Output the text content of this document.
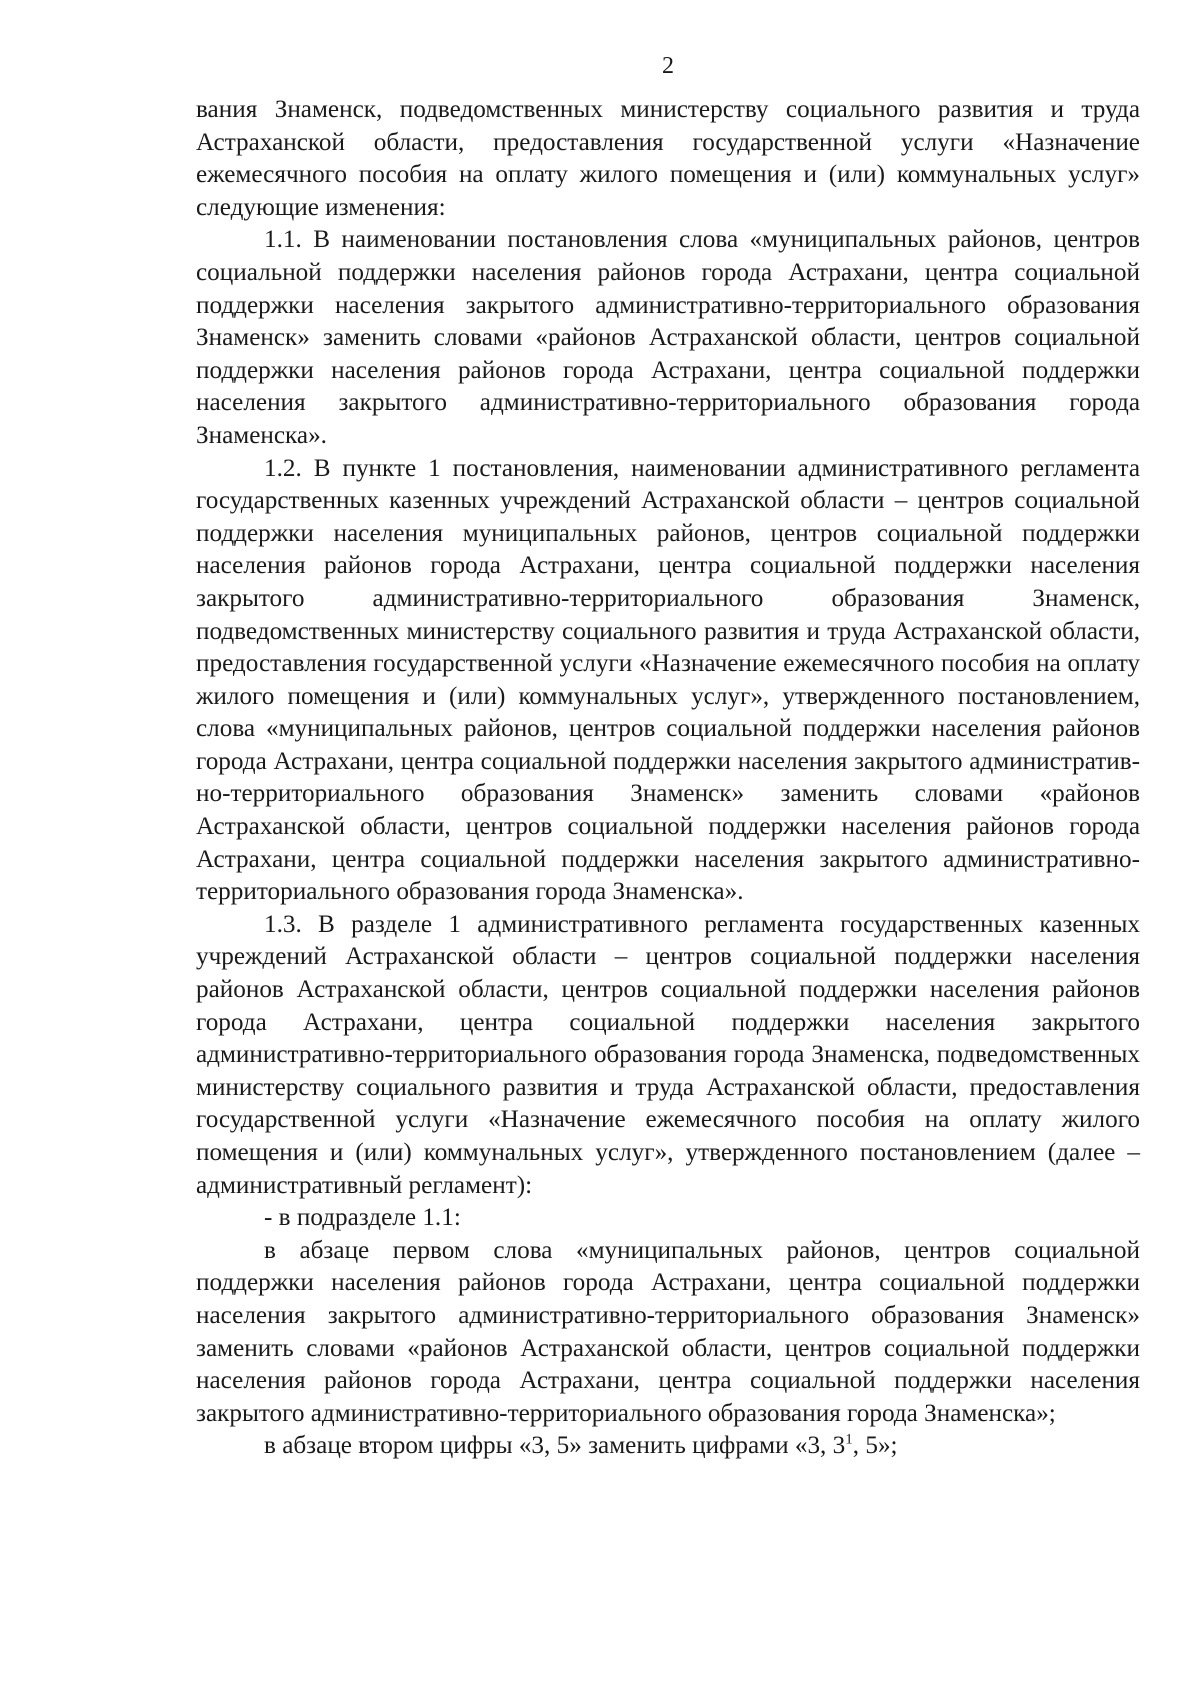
2

вания Знаменск, подведомственных министерству социального развития и труда Астраханской области, предоставления государственной услуги «Назначение ежемесячного пособия на оплату жилого помещения и (или) коммунальных услуг» следующие изменения:

1.1. В наименовании постановления слова «муниципальных районов, центров социальной поддержки населения районов города Астрахани, центра социальной поддержки населения закрытого административно-территориального образования Знаменск» заменить словами «районов Астраханской области, центров социальной поддержки населения районов города Астрахани, центра социальной поддержки населения закрытого административно-территориального образования города Знаменска».

1.2. В пункте 1 постановления, наименовании административного регламента государственных казенных учреждений Астраханской области – центров социальной поддержки населения муниципальных районов, центров социальной поддержки населения районов города Астрахани, центра социальной поддержки населения закрытого административно-территориального образования Знаменск, подведомственных министерству социального развития и труда Астраханской области, предоставления государственной услуги «Назначение ежемесячного пособия на оплату жилого помещения и (или) коммунальных услуг», утвержденного постановлением, слова «муниципальных районов, центров социальной поддержки населения районов города Астрахани, центра социальной поддержки населения закрытого административно-территориального образования Знаменск» заменить словами «районов Астраханской области, центров социальной поддержки населения районов города Астрахани, центра социальной поддержки населения закрытого административно-территориального образования города Знаменска».

1.3. В разделе 1 административного регламента государственных казенных учреждений Астраханской области – центров социальной поддержки населения районов Астраханской области, центров социальной поддержки населения районов города Астрахани, центра социальной поддержки населения закрытого административно-территориального образования города Знаменска, подведомственных министерству социального развития и труда Астраханской области, предоставления государственной услуги «Назначение ежемесячного пособия на оплату жилого помещения и (или) коммунальных услуг», утвержденного постановлением (далее – административный регламент):

- в подразделе 1.1:

в абзаце первом слова «муниципальных районов, центров социальной поддержки населения районов города Астрахани, центра социальной поддержки населения закрытого административно-территориального образования Знаменск» заменить словами «районов Астраханской области, центров социальной поддержки населения районов города Астрахани, центра социальной поддержки населения закрытого административно-территориального образования города Знаменска»;

в абзаце втором цифры «3, 5» заменить цифрами «3, $3^1$, 5»;
